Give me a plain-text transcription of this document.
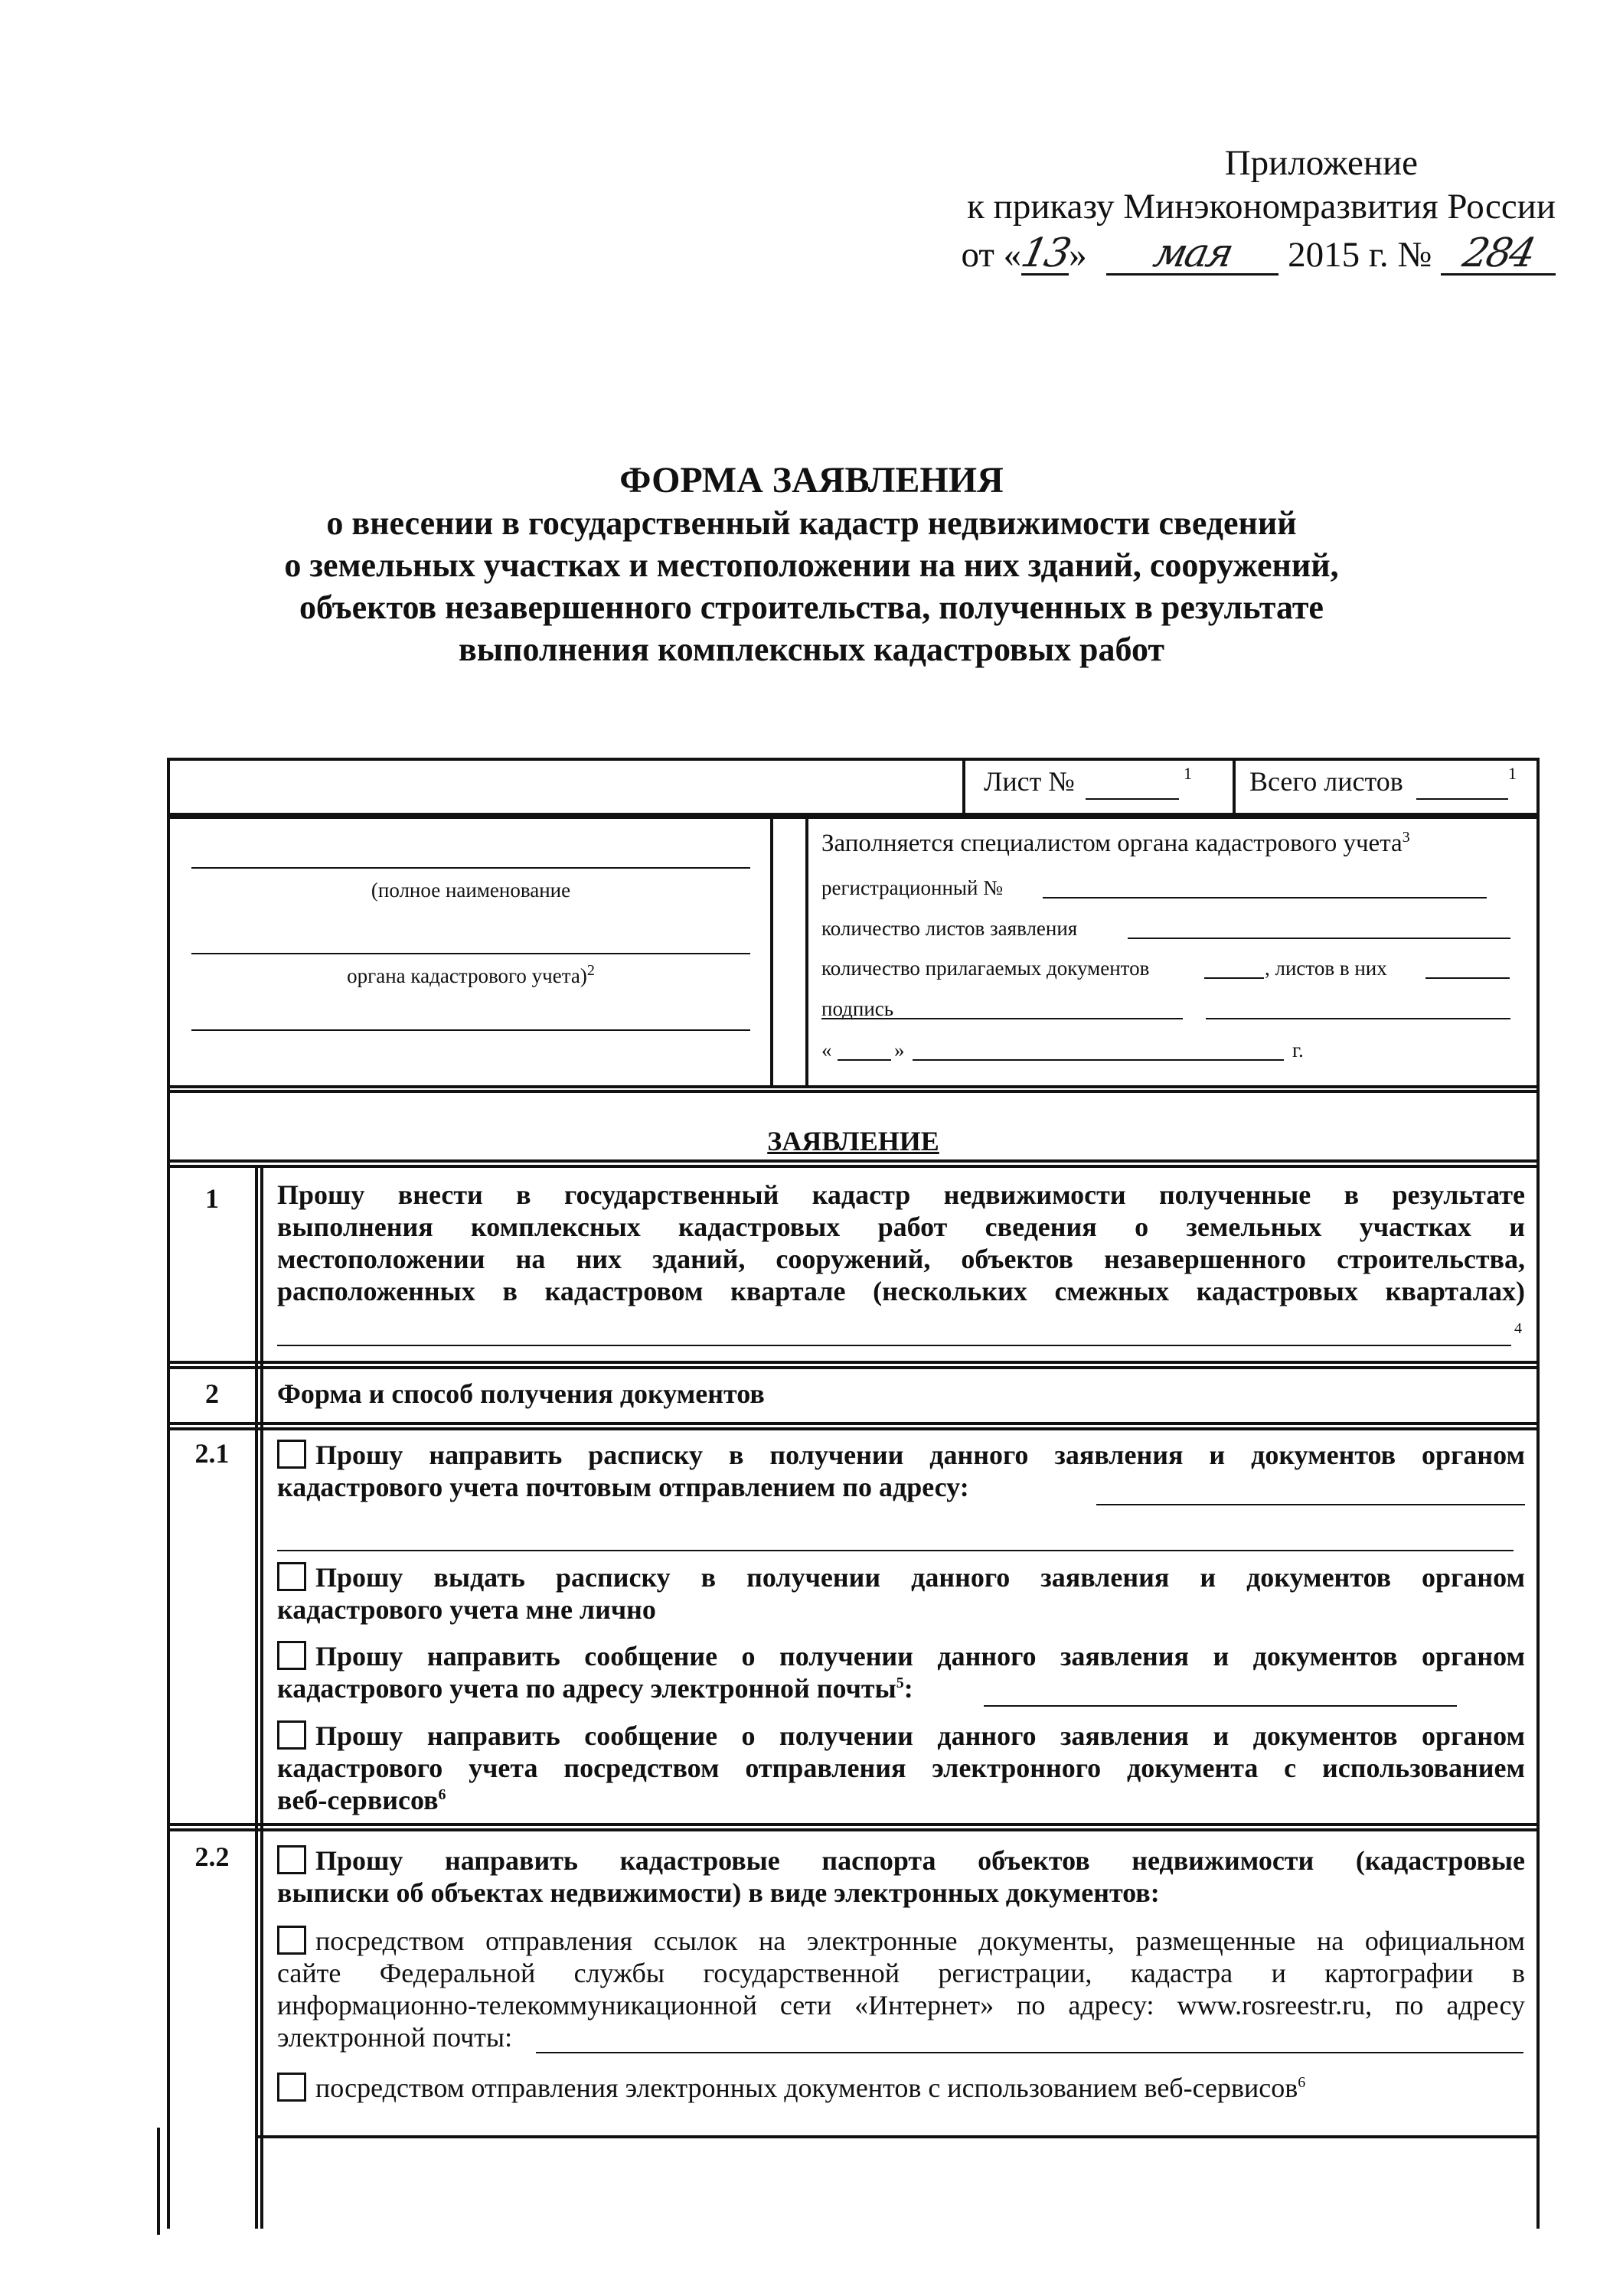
Приложение
к приказу Минэкономразвития России
от «13» мая 2015 г. № 284
ФОРМА ЗАЯВЛЕНИЯ
о внесении в государственный кадастр недвижимости сведений
о земельных участках и местоположении на них зданий, сооружений,
объектов незавершенного строительства, полученных в результате
выполнения комплексных кадастровых работ
Лист №	1 Всего листов	1
(полное наименование
органа кадастрового учета)$^2$
Заполняется специалистом органа кадастрового учета$^3$
регистрационный №
количество листов заявления
количество прилагаемых документов	, листов в них
подпись
«	»	г.
ЗАЯВЛЕНИЕ
1	Прошу внести в государственный кадастр недвижимости полученные в результате
выполнения комплексных кадастровых работ сведения о земельных участках и
местоположении на них зданий, сооружений, объектов незавершенного строительства,
расположенных в кадастровом квартале (нескольких смежных кадастровых кварталах)
4
2	Форма и способ получения документов
2.1	Прошу направить расписку в получении данного заявления и документов органом
кадастрового учета почтовым отправлением по адресу:
Прошу выдать расписку в получении данного заявления и документов органом
кадастрового учета мне лично
Прошу направить сообщение о получении данного заявления и документов органом
кадастрового учета по адресу электронной почты$^5$:
Прошу направить сообщение о получении данного заявления и документов органом
кадастрового учета посредством отправления электронного документа с использованием
веб-сервисов$^6$
2.2	Прошу направить кадастровые паспорта объектов недвижимости (кадастровые
выписки об объектах недвижимости) в виде электронных документов:
посредством отправления ссылок на электронные документы, размещенные на официальном
сайте Федеральной службы государственной регистрации, кадастра и картографии в
информационно-телекоммуникационной сети «Интернет» по адресу: www.rosreestr.ru, по адресу
электронной почты:
посредством отправления электронных документов с использованием веб-сервисов$^6$
